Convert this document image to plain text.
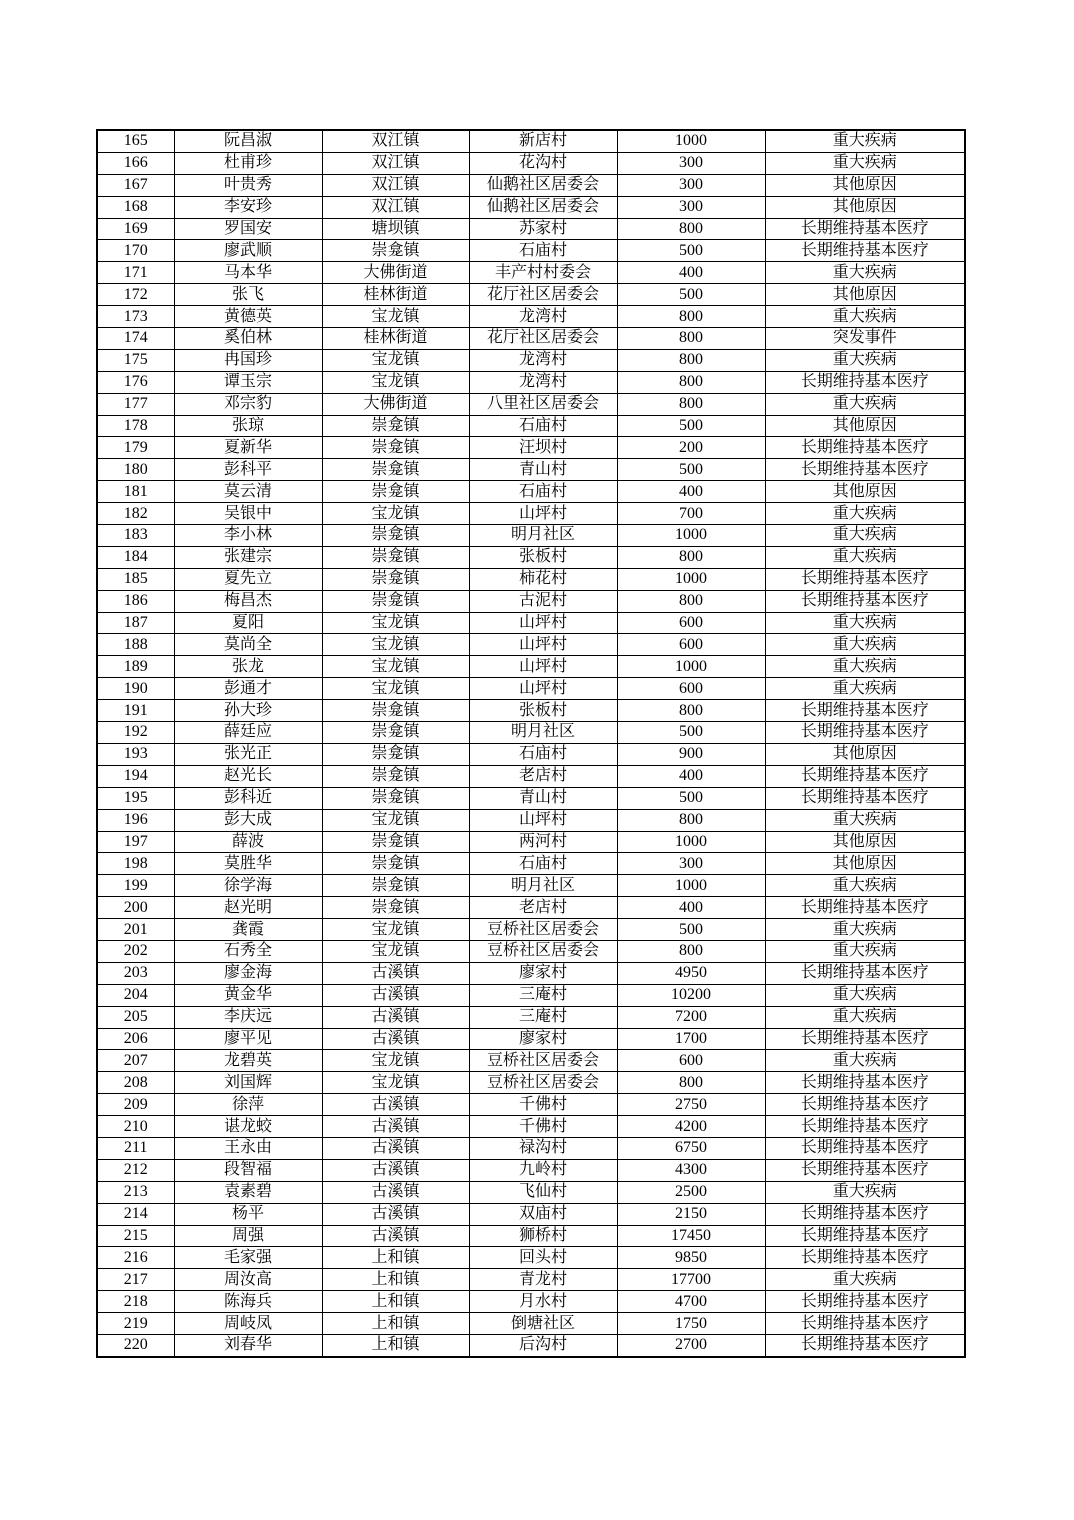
165	阮昌淑	双江镇	新店村	1000	重大疾病
166	杜甫珍	双江镇	花沟村	300	重大疾病
167	叶贵秀	双江镇	仙鹅社区居委会	300	其他原因
168	李安珍	双江镇	仙鹅社区居委会	300	其他原因
169	罗国安	塘坝镇	苏家村	800	长期维持基本医疗
170	廖武顺	崇龛镇	石庙村	500	长期维持基本医疗
171	马本华	大佛街道	丰产村村委会	400	重大疾病
172	张飞	桂林街道	花厅社区居委会	500	其他原因
173	黄德英	宝龙镇	龙湾村	800	重大疾病
174	奚伯林	桂林街道	花厅社区居委会	800	突发事件
175	冉国珍	宝龙镇	龙湾村	800	重大疾病
176	谭玉宗	宝龙镇	龙湾村	800	长期维持基本医疗
177	邓宗豹	大佛街道	八里社区居委会	800	重大疾病
178	张琼	崇龛镇	石庙村	500	其他原因
179	夏新华	崇龛镇	汪坝村	200	长期维持基本医疗
180	彭科平	崇龛镇	青山村	500	长期维持基本医疗
181	莫云清	崇龛镇	石庙村	400	其他原因
182	吴银中	宝龙镇	山坪村	700	重大疾病
183	李小林	崇龛镇	明月社区	1000	重大疾病
184	张建宗	崇龛镇	张板村	800	重大疾病
185	夏先立	崇龛镇	柿花村	1000	长期维持基本医疗
186	梅昌杰	崇龛镇	古泥村	800	长期维持基本医疗
187	夏阳	宝龙镇	山坪村	600	重大疾病
188	莫尚全	宝龙镇	山坪村	600	重大疾病
189	张龙	宝龙镇	山坪村	1000	重大疾病
190	彭通才	宝龙镇	山坪村	600	重大疾病
191	孙大珍	崇龛镇	张板村	800	长期维持基本医疗
192	薛廷应	崇龛镇	明月社区	500	长期维持基本医疗
193	张光正	崇龛镇	石庙村	900	其他原因
194	赵光长	崇龛镇	老店村	400	长期维持基本医疗
195	彭科近	崇龛镇	青山村	500	长期维持基本医疗
196	彭大成	宝龙镇	山坪村	800	重大疾病
197	薛波	崇龛镇	两河村	1000	其他原因
198	莫胜华	崇龛镇	石庙村	300	其他原因
199	徐学海	崇龛镇	明月社区	1000	重大疾病
200	赵光明	崇龛镇	老店村	400	长期维持基本医疗
201	龚霞	宝龙镇	豆桥社区居委会	500	重大疾病
202	石秀全	宝龙镇	豆桥社区居委会	800	重大疾病
203	廖金海	古溪镇	廖家村	4950	长期维持基本医疗
204	黄金华	古溪镇	三庵村	10200	重大疾病
205	李庆远	古溪镇	三庵村	7200	重大疾病
206	廖平见	古溪镇	廖家村	1700	长期维持基本医疗
207	龙碧英	宝龙镇	豆桥社区居委会	600	重大疾病
208	刘国辉	宝龙镇	豆桥社区居委会	800	长期维持基本医疗
209	徐萍	古溪镇	千佛村	2750	长期维持基本医疗
210	谌龙蛟	古溪镇	千佛村	4200	长期维持基本医疗
211	王永由	古溪镇	禄沟村	6750	长期维持基本医疗
212	段智福	古溪镇	九岭村	4300	长期维持基本医疗
213	袁素碧	古溪镇	飞仙村	2500	重大疾病
214	杨平	古溪镇	双庙村	2150	长期维持基本医疗
215	周强	古溪镇	狮桥村	17450	长期维持基本医疗
216	毛家强	上和镇	回头村	9850	长期维持基本医疗
217	周汝高	上和镇	青龙村	17700	重大疾病
218	陈海兵	上和镇	月水村	4700	长期维持基本医疗
219	周岐凤	上和镇	倒塘社区	1750	长期维持基本医疗
220	刘春华	上和镇	后沟村	2700	长期维持基本医疗
